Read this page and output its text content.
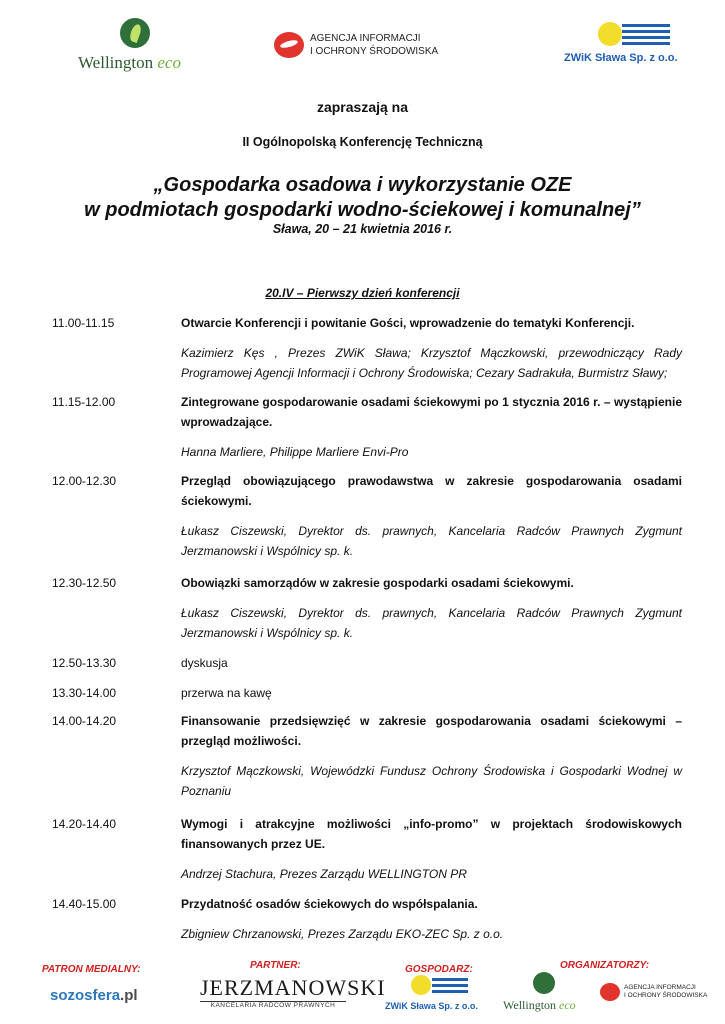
Wellington eco
AGENCJA INFORMACJI
I OCHRONY ŚRODOWISKA
ZWiK Sława Sp. z o.o.
zapraszają na
II Ogólnopolską Konferencję Techniczną
„Gospodarka osadowa i wykorzystanie OZE
w podmiotach gospodarki wodno-ściekowej i komunalnej”
Sława, 20 – 21 kwietnia 2016 r.
20.IV – Pierwszy dzień konferencji
11.00-11.15	Otwarcie Konferencji i powitanie Gości, wprowadzenie do tematyki Konferencji.
Kazimierz Kęs , Prezes ZWiK Sława; Krzysztof Mączkowski, przewodniczący Rady Programowej Agencji Informacji i Ochrony Środowiska; Cezary Sadrakuła, Burmistrz Sławy;
11.15-12.00	Zintegrowane gospodarowanie osadami ściekowymi po 1 stycznia 2016 r. – wystąpienie wprowadzające.
Hanna Marliere, Philippe Marliere Envi-Pro
12.00-12.30	Przegląd obowiązującego prawodawstwa w zakresie gospodarowania osadami ściekowymi.
Łukasz Ciszewski, Dyrektor ds. prawnych, Kancelaria Radców Prawnych Zygmunt Jerzmanowski i Wspólnicy sp. k.
12.30-12.50	Obowiązki samorządów w zakresie gospodarki osadami ściekowymi.
Łukasz Ciszewski, Dyrektor ds. prawnych, Kancelaria Radców Prawnych Zygmunt Jerzmanowski i Wspólnicy sp. k.
12.50-13.30	dyskusja
13.30-14.00	przerwa na kawę
14.00-14.20	Finansowanie przedsięwzięć w zakresie gospodarowania osadami ściekowymi – przegląd możliwości.
Krzysztof Mączkowski, Wojewódzki Fundusz Ochrony Środowiska i Gospodarki Wodnej w Poznaniu
14.20-14.40	Wymogi i atrakcyjne możliwości „info-promo” w projektach środowiskowych finansowanych przez UE.
Andrzej Stachura, Prezes Zarządu WELLINGTON PR
14.40-15.00	Przydatność osadów ściekowych do współspalania.
Zbigniew Chrzanowski, Prezes Zarządu EKO-ZEC Sp. z o.o.
PATRON MEDIALNY:
sozosfera.pl
PARTNER:
JERZMANOWSKI
KANCELARIA RADCÓW PRAWNYCH
GOSPODARZ:
ZWiK Sława Sp. z o.o.
ORGANIZATORZY:
Wellington eco
AGENCJA INFORMACJI
I OCHRONY ŚRODOWISKA
